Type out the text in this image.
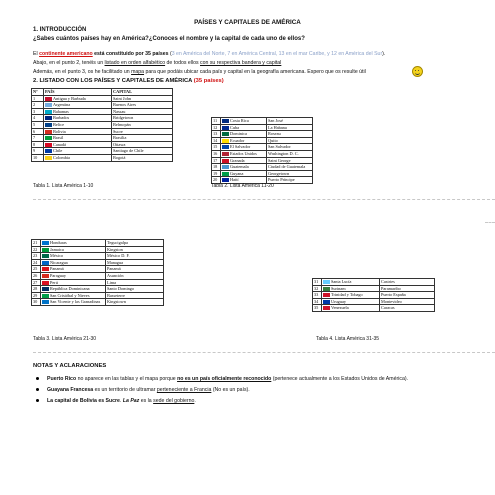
PAÍSES Y CAPITALES DE AMÉRICA
1. INTRODUCCIÓN
¿Sabes cuántos países hay en América?¿Conoces el nombre y la capital de cada uno de ellos?
El continente americano está constituido por 35 países (3 en América del Norte, 7 en América Central, 13 en el mar Caribe, y 12 en América del Sur).
Abajo, en el punto 2, tenéis un listado en orden alfabético de todos ellos con su respectiva bandera y capital
Además, en el punto 3, os he facilitado un mapa para que podáis ubicar cada país y capital en la geografía americana. Espero que os resulte útil
2. LISTADO CON LOS PAÍSES Y CAPITALES DE AMÉRICA (35 países)
Nº	PAÍS	CAPITAL
1	Antigua y Barbuda	Saint John
2	Argentina	Buenos Aires
3	Bahamas	Nassau
4	Barbados	Bridgetown
5	Belice	Belmopán
6	Bolivia	Sucre
7	Brasil	Brasilia
8	Canadá	Ottawa
9	Chile	Santiago de Chile
10	Colombia	Bogotá
Tabla 1. Lista América 1-10
11	Costa Rica	San José
12	Cuba	La Habana
13	Dominica	Roseau
14	Ecuador	Quito
15	El Salvador	San Salvador
16	Estados Unidos	Washington D. C.
17	Granada	Saint George
18	Guatemala	Ciudad de Guatemala
19	Guyana	Georgetown
20	Haití	Puerto Príncipe
Tabla 2. Lista América 11-20
21	Honduras	Tegucigalpa
22	Jamaica	Kingston
23	México	México D. F.
24	Nicaragua	Managua
25	Panamá	Panamá
26	Paraguay	Asunción
27	Perú	Lima
28	República Dominicana	Santo Domingo
29	San Cristóbal y Nieves	Basseterre
30	San Vicente y las Granadinas	Kingstown
Tabla 3. Lista América 21-30
31	Santa Lucía	Castries
32	Surinam	Paramaribo
33	Trinidad y Tobago	Puerto España
34	Uruguay	Montevideo
35	Venezuela	Caracas
Tabla 4. Lista América 31-35
NOTAS Y ACLARACIONES
Puerto Rico no aparece en las tablas y el mapa porque no es un país oficialmente reconocido (pertenece actualmente a los Estados Unidos de América).
Guayana Francesa es un territorio de ultramar perteneciente a Francia (No es un país).
La capital de Bolivia es Sucre. La Paz es la sede del gobierno.
